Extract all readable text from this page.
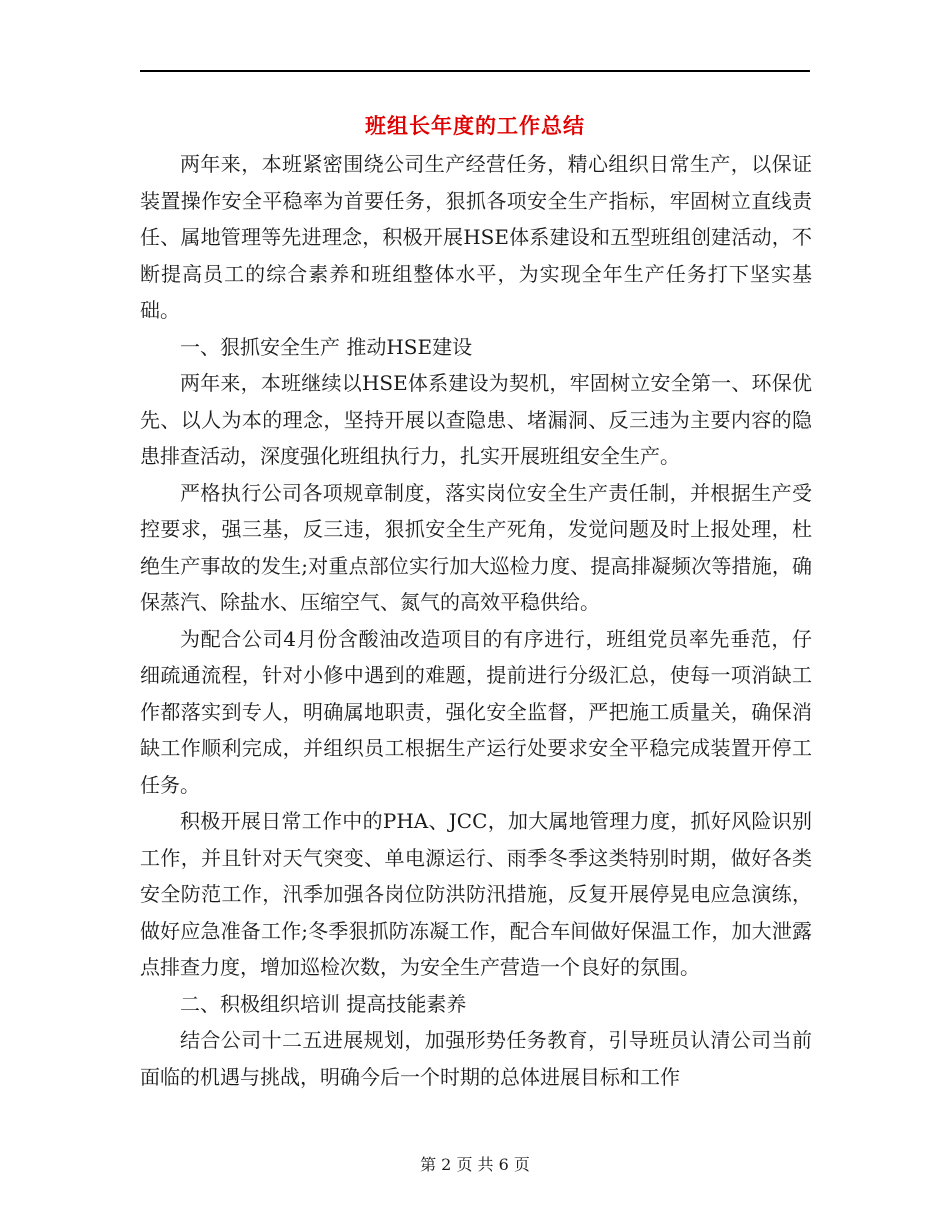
班组长年度的工作总结

两年来，本班紧密围绕公司生产经营任务，精心组织日常生产，以保证装置操作安全平稳率为首要任务，狠抓各项安全生产指标，牢固树立直线责任、属地管理等先进理念，积极开展HSE体系建设和五型班组创建活动，不断提高员工的综合素养和班组整体水平，为实现全年生产任务打下坚实基础。

一、狠抓安全生产 推动HSE建设

两年来，本班继续以HSE体系建设为契机，牢固树立安全第一、环保优先、以人为本的理念，坚持开展以查隐患、堵漏洞、反三违为主要内容的隐患排查活动，深度强化班组执行力，扎实开展班组安全生产。

严格执行公司各项规章制度，落实岗位安全生产责任制，并根据生产受控要求，强三基，反三违，狠抓安全生产死角，发觉问题及时上报处理，杜绝生产事故的发生;对重点部位实行加大巡检力度、提高排凝频次等措施，确保蒸汽、除盐水、压缩空气、氮气的高效平稳供给。

为配合公司4月份含酸油改造项目的有序进行，班组党员率先垂范，仔细疏通流程，针对小修中遇到的难题，提前进行分级汇总，使每一项消缺工作都落实到专人，明确属地职责，强化安全监督，严把施工质量关，确保消缺工作顺利完成，并组织员工根据生产运行处要求安全平稳完成装置开停工任务。

积极开展日常工作中的PHA、JCC，加大属地管理力度，抓好风险识别工作，并且针对天气突变、单电源运行、雨季冬季这类特别时期，做好各类安全防范工作，汛季加强各岗位防洪防汛措施，反复开展停晃电应急演练，做好应急准备工作;冬季狠抓防冻凝工作，配合车间做好保温工作，加大泄露点排查力度，增加巡检次数，为安全生产营造一个良好的氛围。

二、积极组织培训 提高技能素养

结合公司十二五进展规划，加强形势任务教育，引导班员认清公司当前面临的机遇与挑战，明确今后一个时期的总体进展目标和工作

第 2 页 共 6 页
